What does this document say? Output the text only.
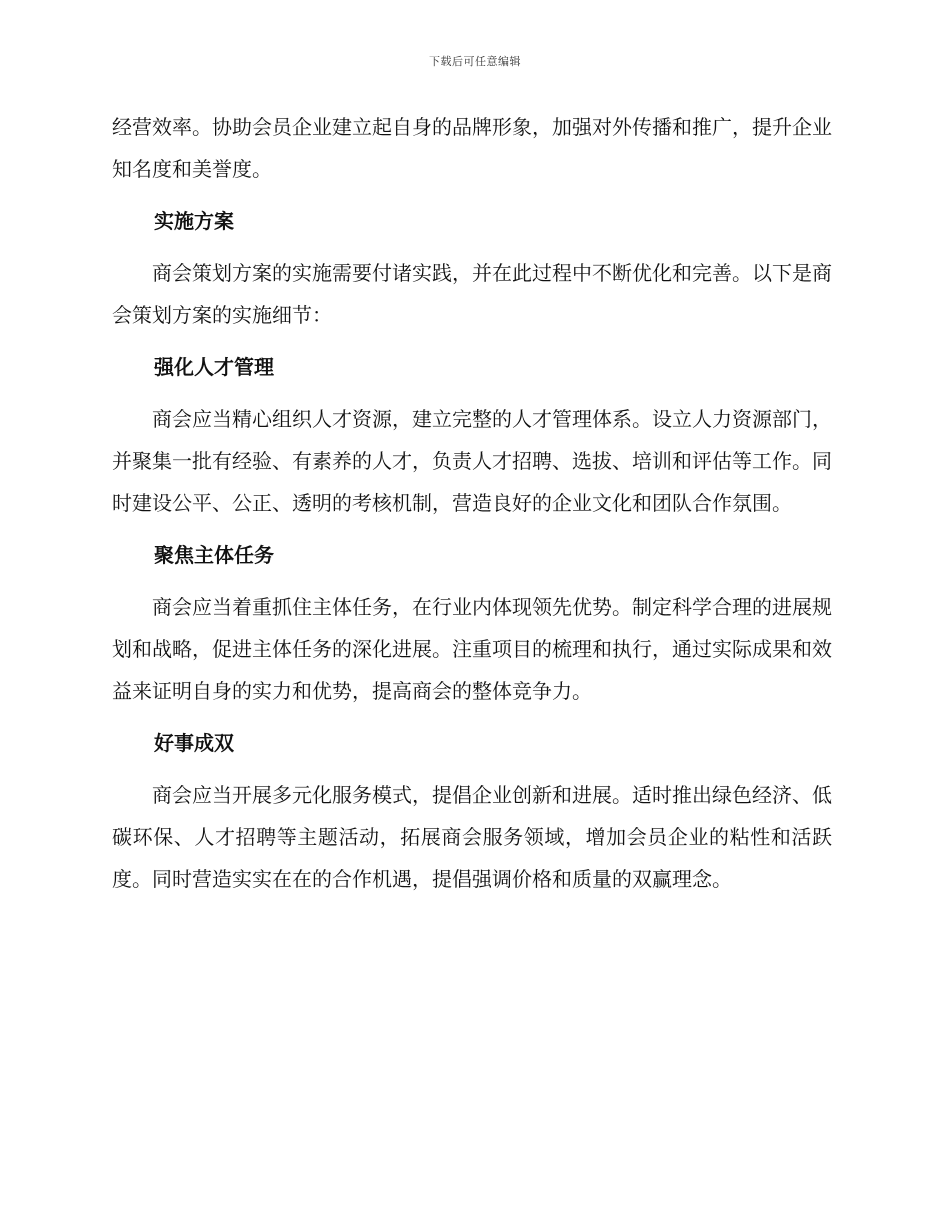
下载后可任意编辑

经营效率。协助会员企业建立起自身的品牌形象，加强对外传播和推广，提升企业知名度和美誉度。

实施方案

商会策划方案的实施需要付诸实践，并在此过程中不断优化和完善。以下是商会策划方案的实施细节：

强化人才管理

商会应当精心组织人才资源，建立完整的人才管理体系。设立人力资源部门，并聚集一批有经验、有素养的人才，负责人才招聘、选拔、培训和评估等工作。同时建设公平、公正、透明的考核机制，营造良好的企业文化和团队合作氛围。

聚焦主体任务

商会应当着重抓住主体任务，在行业内体现领先优势。制定科学合理的进展规划和战略，促进主体任务的深化进展。注重项目的梳理和执行，通过实际成果和效益来证明自身的实力和优势，提高商会的整体竞争力。

好事成双

商会应当开展多元化服务模式，提倡企业创新和进展。适时推出绿色经济、低碳环保、人才招聘等主题活动，拓展商会服务领域，增加会员企业的粘性和活跃度。同时营造实实在在的合作机遇，提倡强调价格和质量的双赢理念。
